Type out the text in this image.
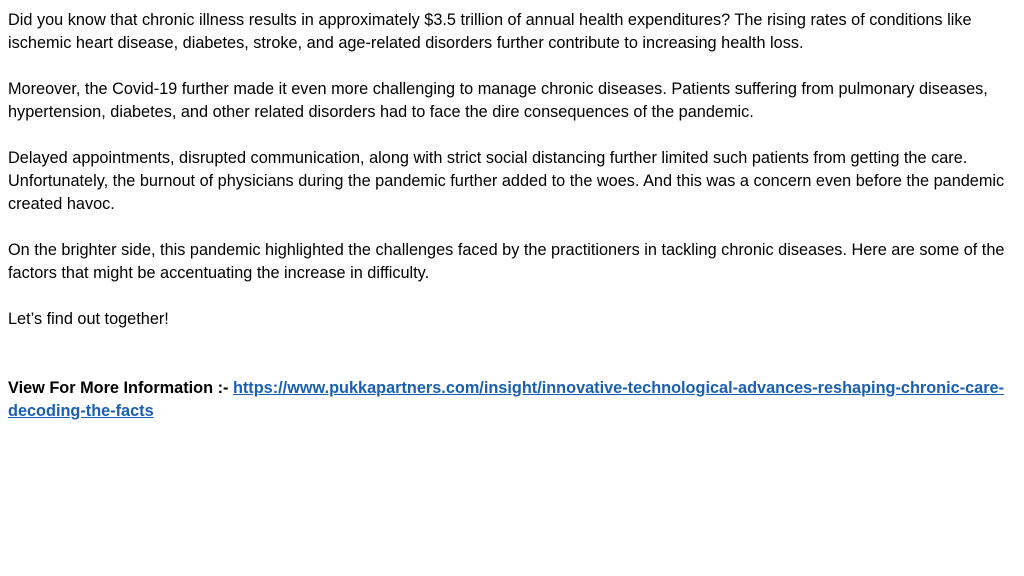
Did you know that chronic illness results in approximately $3.5 trillion of annual health expenditures? The rising rates of conditions like ischemic heart disease, diabetes, stroke, and age-related disorders further contribute to increasing health loss.

Moreover, the Covid-19 further made it even more challenging to manage chronic diseases. Patients suffering from pulmonary diseases, hypertension, diabetes, and other related disorders had to face the dire consequences of the pandemic.

Delayed appointments, disrupted communication, along with strict social distancing further limited such patients from getting the care. Unfortunately, the burnout of physicians during the pandemic further added to the woes. And this was a concern even before the pandemic created havoc.

On the brighter side, this pandemic highlighted the challenges faced by the practitioners in tackling chronic diseases. Here are some of the factors that might be accentuating the increase in difficulty.

Let’s find out together!

View For More Information :- https://www.pukkapartners.com/insight/innovative-technological-advances-reshaping-chronic-care-decoding-the-facts
